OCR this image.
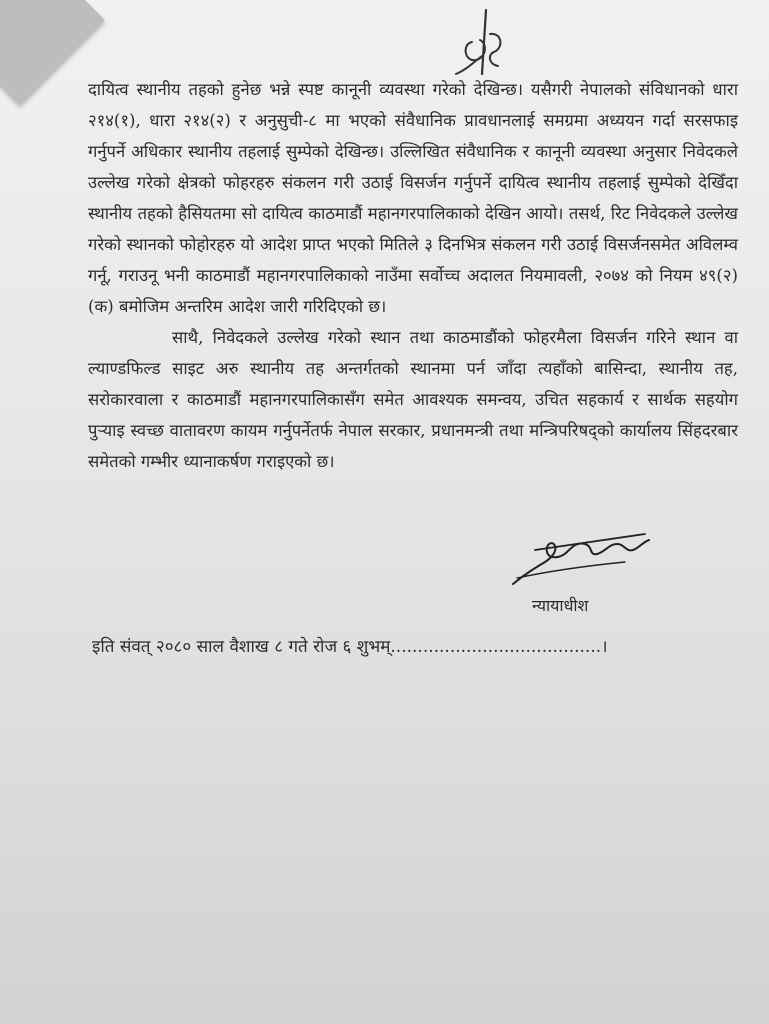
दायित्व स्थानीय तहको हुनेछ भन्ने स्पष्ट कानूनी व्यवस्था गरेको देखिन्छ। यसैगरी नेपालको संविधानको धारा २१४(१), धारा २१४(२) र अनुसुची-८ मा भएको संवैधानिक प्रावधानलाई समग्रमा अध्ययन गर्दा सरसफाइ गर्नुपर्ने अधिकार स्थानीय तहलाई सुम्पेको देखिन्छ। उल्लिखित संवैधानिक र कानूनी व्यवस्था अनुसार निवेदकले उल्लेख गरेको क्षेत्रको फोहरहरु संकलन गरी उठाई विसर्जन गर्नुपर्ने दायित्व स्थानीय तहलाई सुम्पेको देखिँदा स्थानीय तहको हैसियतमा सो दायित्व काठमाडौं महानगरपालिकाको देखिन आयो। तसर्थ, रिट निवेदकले उल्लेख गरेको स्थानको फोहोरहरु यो आदेश प्राप्त भएको मितिले ३ दिनभित्र संकलन गरी उठाई विसर्जनसमेत अविलम्व गर्नू, गराउनू भनी काठमाडौं महानगरपालिकाको नाउँमा सर्वोच्च अदालत नियमावली, २०७४ को नियम ४९(२)(क) बमोजिम अन्तरिम आदेश जारी गरिदिएको छ।

साथै, निवेदकले उल्लेख गरेको स्थान तथा काठमाडौंको फोहरमैला विसर्जन गरिने स्थान वा ल्याण्डफिल्ड साइट अरु स्थानीय तह अन्तर्गतको स्थानमा पर्न जाँदा त्यहाँको बासिन्दा, स्थानीय तह, सरोकारवाला र काठमाडौं महानगरपालिकासँग समेत आवश्यक समन्वय, उचित सहकार्य र सार्थक सहयोग पुऱ्याइ स्वच्छ वातावरण कायम गर्नुपर्नेतर्फ नेपाल सरकार, प्रधानमन्त्री तथा मन्त्रिपरिषद्को कार्यालय सिंहदरबार समेतको गम्भीर ध्यानाकर्षण गराइएको छ।

न्यायाधीश
इति संवत् २०८० साल वैशाख ८ गते रोज ६ शुभम्.......................................।
